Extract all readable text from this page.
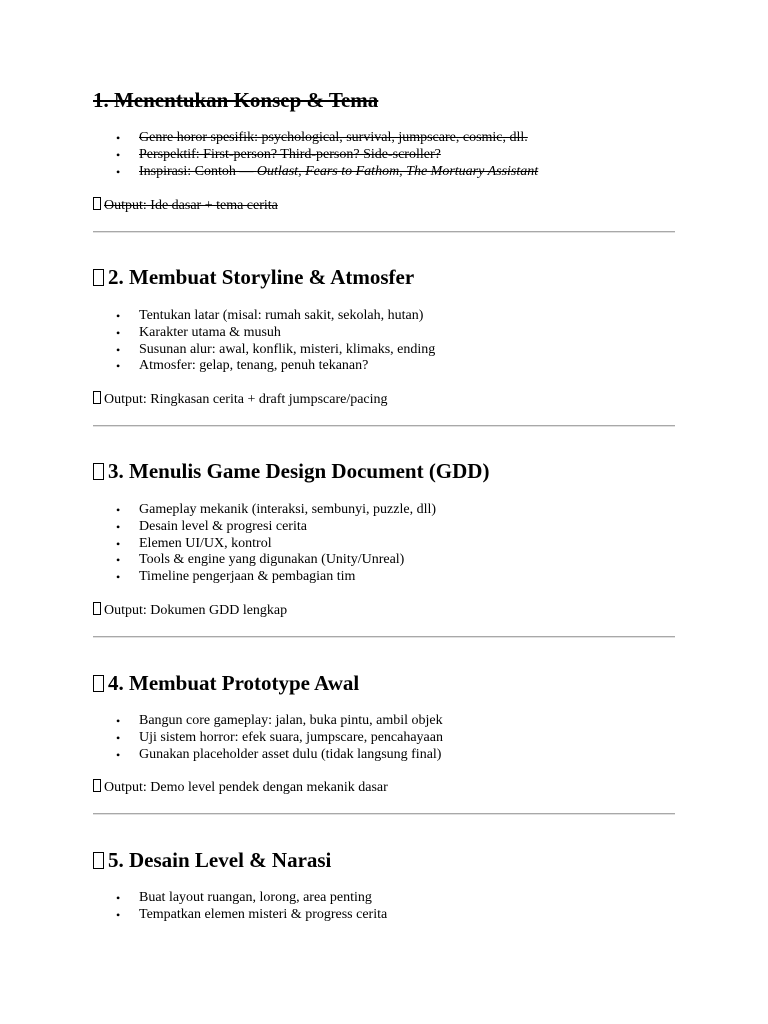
1. Menentukan Konsep & Tema
• Genre horor spesifik: psychological, survival, jumpscare, cosmic, dll.
• Perspektif: First-person? Third-person? Side-scroller?
• Inspirasi: Contoh — Outlast, Fears to Fathom, The Mortuary Assistant
Output: Ide dasar + tema cerita
2. Membuat Storyline & Atmosfer
• Tentukan latar (misal: rumah sakit, sekolah, hutan)
• Karakter utama & musuh
• Susunan alur: awal, konflik, misteri, klimaks, ending
• Atmosfer: gelap, tenang, penuh tekanan?
Output: Ringkasan cerita + draft jumpscare/pacing
3. Menulis Game Design Document (GDD)
• Gameplay mekanik (interaksi, sembunyi, puzzle, dll)
• Desain level & progresi cerita
• Elemen UI/UX, kontrol
• Tools & engine yang digunakan (Unity/Unreal)
• Timeline pengerjaan & pembagian tim
Output: Dokumen GDD lengkap
4. Membuat Prototype Awal
• Bangun core gameplay: jalan, buka pintu, ambil objek
• Uji sistem horror: efek suara, jumpscare, pencahayaan
• Gunakan placeholder asset dulu (tidak langsung final)
Output: Demo level pendek dengan mekanik dasar
5. Desain Level & Narasi
• Buat layout ruangan, lorong, area penting
• Tempatkan elemen misteri & progress cerita
